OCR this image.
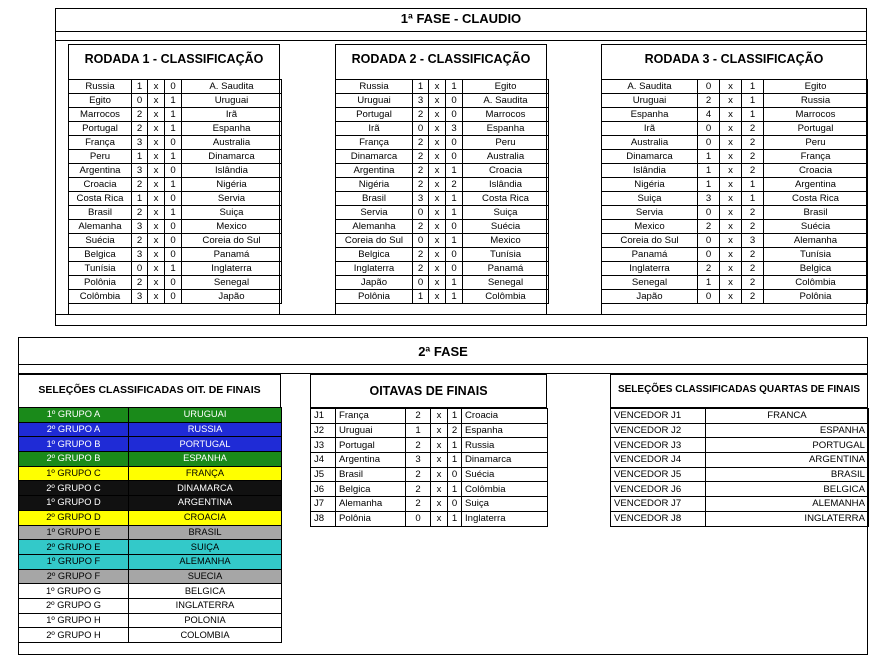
1ª FASE - CLAUDIO
RODADA 1 - CLASSIFICAÇÃO
Russia	1	x	0	A. Saudita
Egito	0	x	1	Uruguai
Marrocos	2	x	1	Irã
Portugal	2	x	1	Espanha
França	3	x	0	Australia
Peru	1	x	1	Dinamarca
Argentina	3	x	0	Islândia
Croacia	2	x	1	Nigéria
Costa Rica	1	x	0	Servia
Brasil	2	x	1	Suiça
Alemanha	3	x	0	Mexico
Suécia	2	x	0	Coreia do Sul
Belgica	3	x	0	Panamá
Tunísia	0	x	1	Inglaterra
Polônia	2	x	0	Senegal
Colômbia	3	x	0	Japão
RODADA 2 - CLASSIFICAÇÃO
Russia	1	x	1	Egito
Uruguai	3	x	0	A. Saudita
Portugal	2	x	0	Marrocos
Irã	0	x	3	Espanha
França	2	x	0	Peru
Dinamarca	2	x	0	Australia
Argentina	2	x	1	Croacia
Nigéria	2	x	2	Islândia
Brasil	3	x	1	Costa Rica
Servia	0	x	1	Suiça
Alemanha	2	x	0	Suécia
Coreia do Sul	0	x	1	Mexico
Belgica	2	x	0	Tunísia
Inglaterra	2	x	0	Panamá
Japão	0	x	1	Senegal
Polônia	1	x	1	Colômbia
RODADA 3 - CLASSIFICAÇÃO
A. Saudita	0	x	1	Egito
Uruguai	2	x	1	Russia
Espanha	4	x	1	Marrocos
Irã	0	x	2	Portugal
Australia	0	x	2	Peru
Dinamarca	1	x	2	França
Islândia	1	x	2	Croacia
Nigéria	1	x	1	Argentina
Suiça	3	x	1	Costa Rica
Servia	0	x	2	Brasil
Mexico	2	x	2	Suécia
Coreia do Sul	0	x	3	Alemanha
Panamá	0	x	2	Tunísia
Inglaterra	2	x	2	Belgica
Senegal	1	x	2	Colômbia
Japão	0	x	2	Polônia
2ª FASE
SELEÇÕES CLASSIFICADAS OIT. DE FINAIS
1º GRUPO A	URUGUAI
2º GRUPO A	RUSSIA
1º GRUPO B	PORTUGAL
2º GRUPO B	ESPANHA
1º GRUPO C	FRANÇA
2º GRUPO C	DINAMARCA
1º GRUPO D	ARGENTINA
2º GRUPO D	CROACIA
1º GRUPO E	BRASIL
2º GRUPO E	SUIÇA
1º GRUPO F	ALEMANHA
2º GRUPO F	SUECIA
1º GRUPO G	BELGICA
2º GRUPO G	INGLATERRA
1º GRUPO H	POLONIA
2º GRUPO H	COLOMBIA
OITAVAS DE FINAIS
J1	França	2	x	1	Croacia
J2	Uruguai	1	x	2	Espanha
J3	Portugal	2	x	1	Russia
J4	Argentina	3	x	1	Dinamarca
J5	Brasil	2	x	0	Suécia
J6	Belgica	2	x	1	Colômbia
J7	Alemanha	2	x	0	Suiça
J8	Polônia	0	x	1	Inglaterra
SELEÇÕES CLASSIFICADAS QUARTAS DE FINAIS
VENCEDOR J1	FRANCA
VENCEDOR J2	ESPANHA
VENCEDOR J3	PORTUGAL
VENCEDOR J4	ARGENTINA
VENCEDOR J5	BRASIL
VENCEDOR J6	BELGICA
VENCEDOR J7	ALEMANHA
VENCEDOR J8	INGLATERRA
